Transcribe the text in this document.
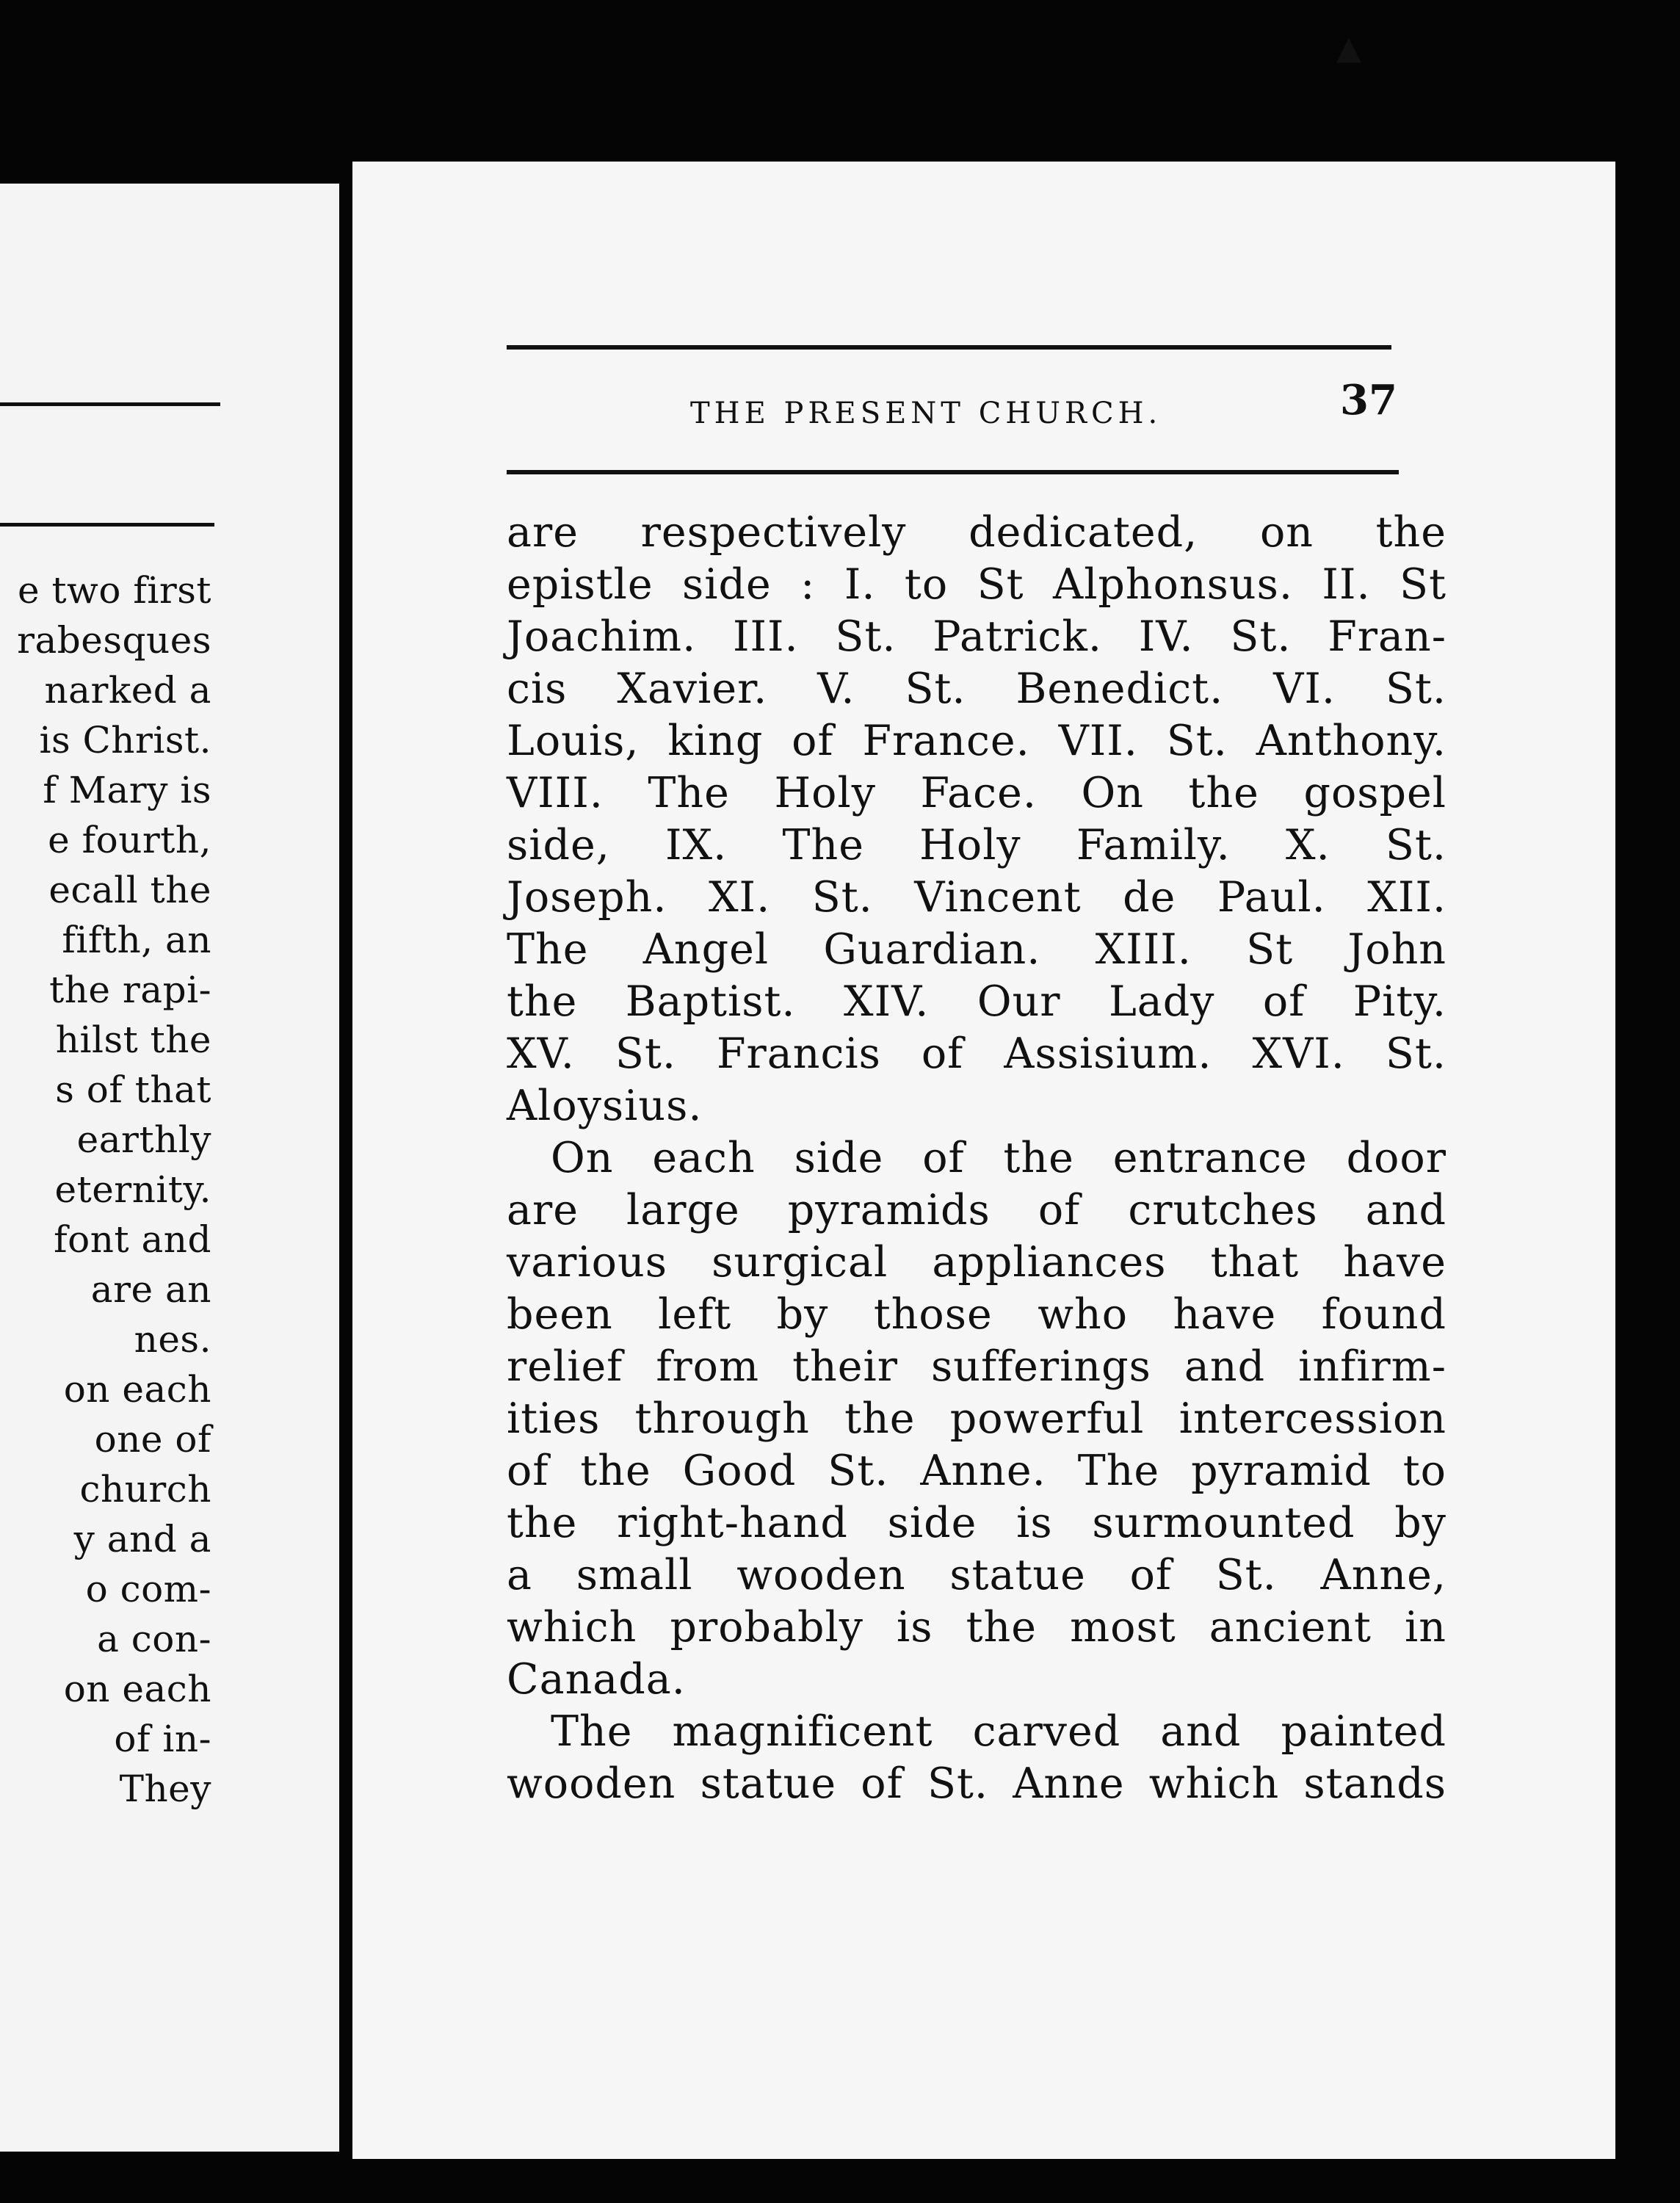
e two first
rabesques
narked a
is Christ.
f Mary is
e fourth,
ecall the
fifth, an
the rapi-
hilst the
s of that
earthly
eternity.
font and
are an
nes.
on each
one of
church
y and a
o com-
a con-
on each
of in-
They
THE PRESENT CHURCH.	37
are respectively dedicated, on the
epistle side : I. to St Alphonsus. II. St
Joachim. III. St. Patrick. IV. St. Fran-
cis Xavier. V. St. Benedict. VI. St.
Louis, king of France. VII. St. Anthony.
VIII. The Holy Face. On the gospel
side, IX. The Holy Family. X. St.
Joseph. XI. St. Vincent de Paul. XII.
The Angel Guardian. XIII. St John
the Baptist. XIV. Our Lady of Pity.
XV. St. Francis of Assisium. XVI. St.
Aloysius.
On each side of the entrance door
are large pyramids of crutches and
various surgical appliances that have
been left by those who have found
relief from their sufferings and infirm-
ities through the powerful intercession
of the Good St. Anne. The pyramid to
the right-hand side is surmounted by
a small wooden statue of St. Anne,
which probably is the most ancient in
Canada.
The magnificent carved and painted
wooden statue of St. Anne which stands
▲
